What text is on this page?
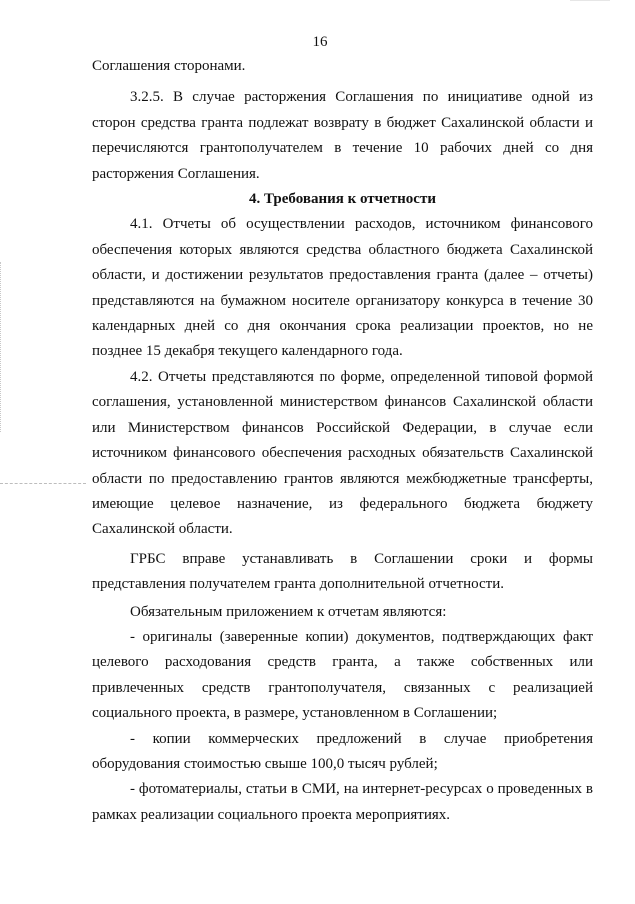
16

Соглашения сторонами.

3.2.5. В случае расторжения Соглашения по инициативе одной из сторон средства гранта подлежат возврату в бюджет Сахалинской области и перечисляются грантополучателем в течение 10 рабочих дней со дня расторжения Соглашения.

4. Требования к отчетности

4.1. Отчеты об осуществлении расходов, источником финансового обеспечения которых являются средства областного бюджета Сахалинской области, и достижении результатов предоставления гранта (далее – отчеты) представляются на бумажном носителе организатору конкурса в течение 30 календарных дней со дня окончания срока реализации проектов, но не позднее 15 декабря текущего календарного года.

4.2. Отчеты представляются по форме, определенной типовой формой соглашения, установленной министерством финансов Сахалинской области или Министерством финансов Российской Федерации, в случае если источником финансового обеспечения расходных обязательств Сахалинской области по предоставлению грантов являются межбюджетные трансферты, имеющие целевое назначение, из федерального бюджета бюджету Сахалинской области.

ГРБС вправе устанавливать в Соглашении сроки и формы представления получателем гранта дополнительной отчетности.

Обязательным приложением к отчетам являются:

- оригиналы (заверенные копии) документов, подтверждающих факт целевого расходования средств гранта, а также собственных или привлеченных средств грантополучателя, связанных с реализацией социального проекта, в размере, установленном в Соглашении;

- копии коммерческих предложений в случае приобретения оборудования стоимостью свыше 100,0 тысяч рублей;

- фотоматериалы, статьи в СМИ, на интернет-ресурсах о проведенных в рамках реализации социального проекта мероприятиях.
